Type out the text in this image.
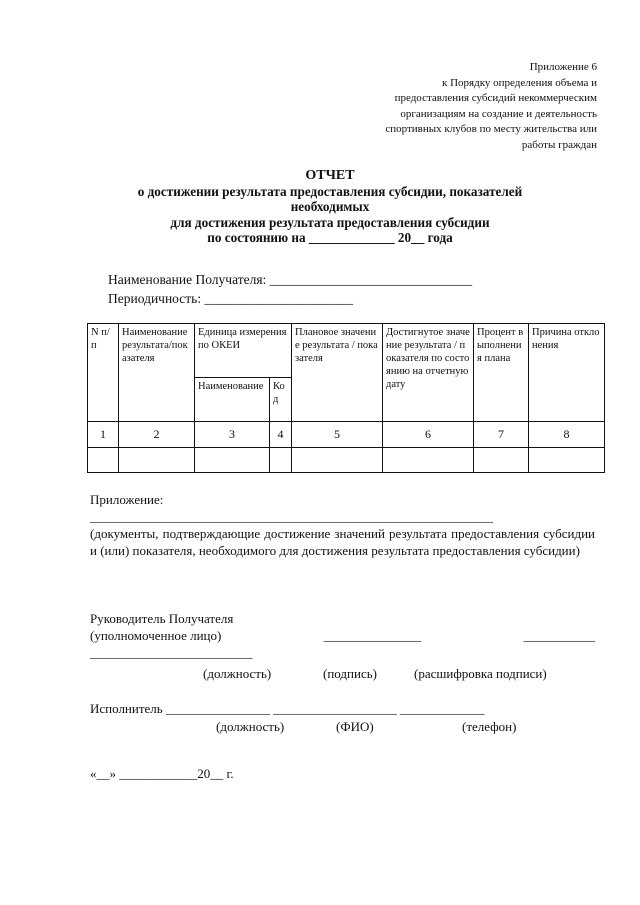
Приложение 6
к Порядку определения объема и
предоставления субсидий некоммерческим
организациям на создание и деятельность
спортивных клубов по месту жительства или
работы граждан
ОТЧЕТ
о достижении результата предоставления субсидии, показателей
необходимых
для достижения результата предоставления субсидии
по состоянию на _____________ 20__ года
Наименование Получателя: ______________________________
Периодичность: ______________________
N п/п	Наименование результата/показателя	Единица измерения по ОКЕИ		Плановое значение результата / показателя	Достигнутое значение результата / показателя по состоянию на отчетную дату	Процент выполнения плана	Причина отклонения
		Наименование	Код				
1	2	3	4	5	6	7	8

Приложение:
______________________________________________________________
(документы, подтверждающие достижение значений результата предоставления субсидии и (или) показателя, необходимого для достижения результата предоставления субсидии)
Руководитель Получателя
(уполномоченное лицо)	_______________	___________
_________________________
(должность)	(подпись)	(расшифровка подписи)
Исполнитель ________________ ___________________ _____________
(должность)	(ФИО)	(телефон)
«__» ____________20__ г.
